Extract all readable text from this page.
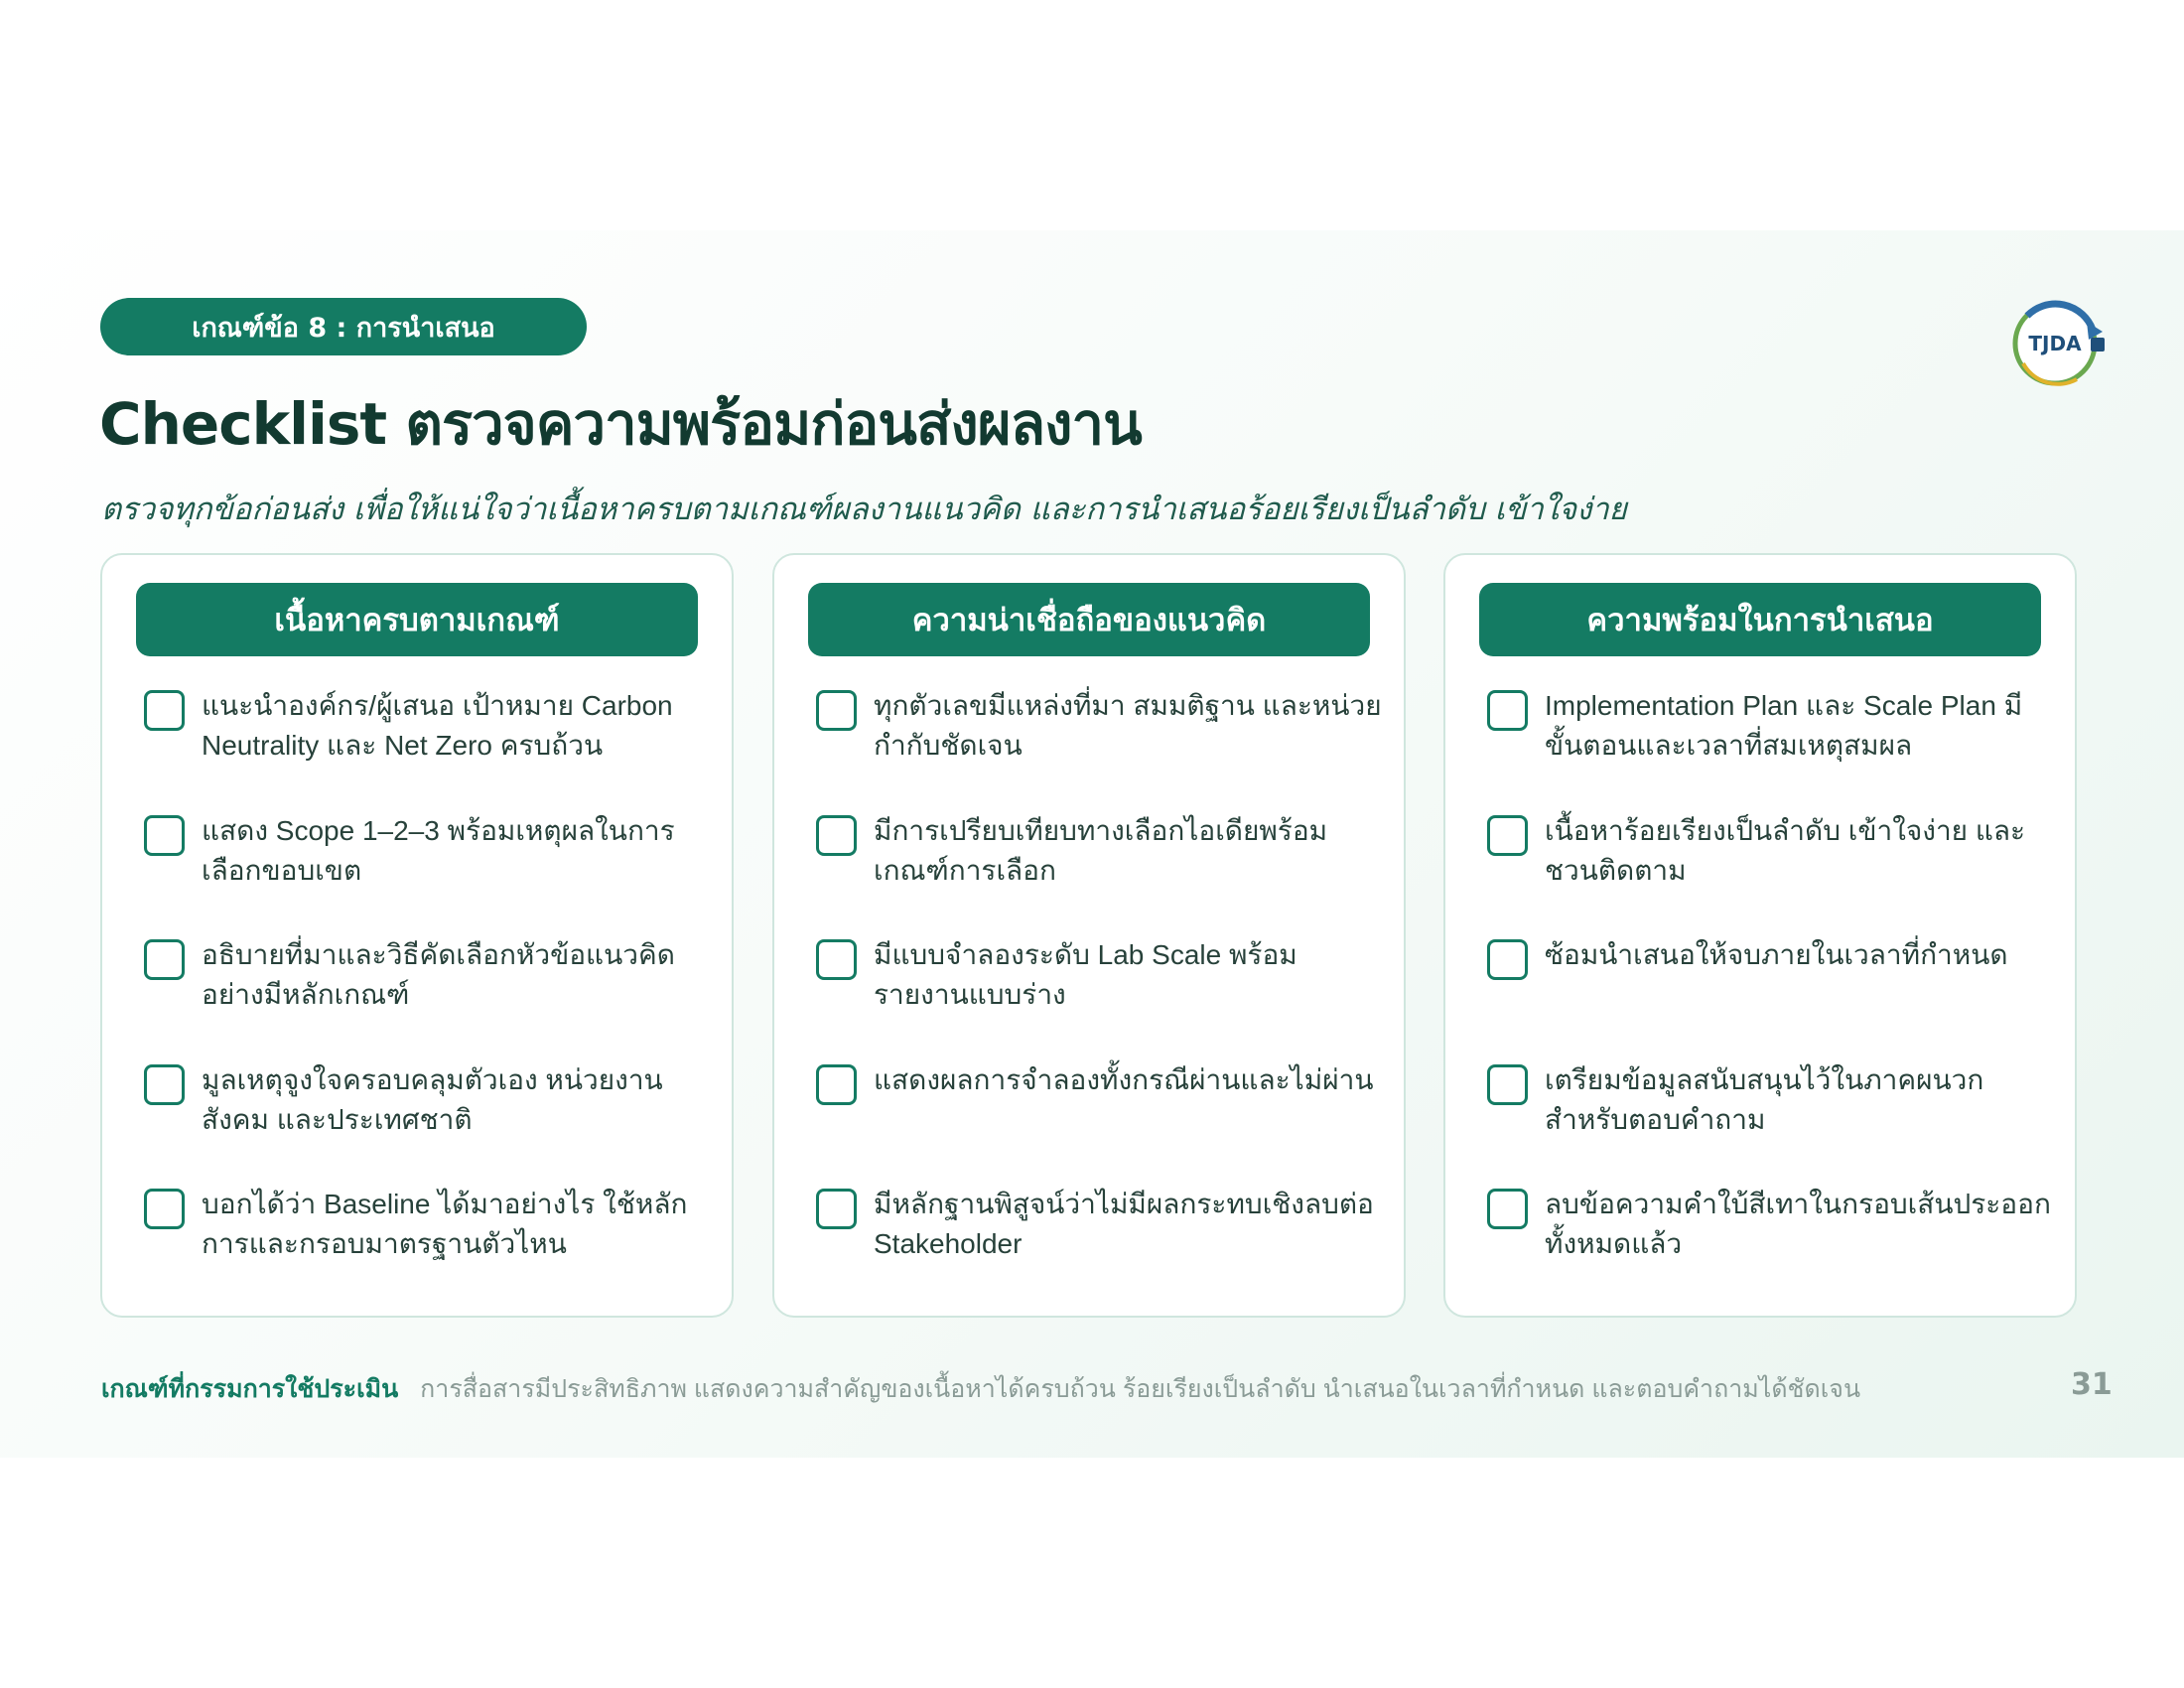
เกณฑ์ข้อ 8 : การนำเสนอ
TJDA
Checklist ตรวจความพร้อมก่อนส่งผลงาน
ตรวจทุกข้อก่อนส่ง เพื่อให้แน่ใจว่าเนื้อหาครบตามเกณฑ์ผลงานแนวคิด และการนำเสนอร้อยเรียงเป็นลำดับ เข้าใจง่าย
เนื้อหาครบตามเกณฑ์
แนะนำองค์กร/ผู้เสนอ เป้าหมาย Carbon Neutrality และ Net Zero ครบถ้วน
แสดง Scope 1–2–3 พร้อมเหตุผลในการเลือกขอบเขต
อธิบายที่มาและวิธีคัดเลือกหัวข้อแนวคิดอย่างมีหลักเกณฑ์
มูลเหตุจูงใจครอบคลุมตัวเอง หน่วยงาน สังคม และประเทศชาติ
บอกได้ว่า Baseline ได้มาอย่างไร ใช้หลักการและกรอบมาตรฐานตัวไหน
ความน่าเชื่อถือของแนวคิด
ทุกตัวเลขมีแหล่งที่มา สมมติฐาน และหน่วยกำกับชัดเจน
มีการเปรียบเทียบทางเลือกไอเดียพร้อมเกณฑ์การเลือก
มีแบบจำลองระดับ Lab Scale พร้อมรายงานแบบร่าง
แสดงผลการจำลองทั้งกรณีผ่านและไม่ผ่าน
มีหลักฐานพิสูจน์ว่าไม่มีผลกระทบเชิงลบต่อ Stakeholder
ความพร้อมในการนำเสนอ
Implementation Plan และ Scale Plan มีขั้นตอนและเวลาที่สมเหตุสมผล
เนื้อหาร้อยเรียงเป็นลำดับ เข้าใจง่าย และชวนติดตาม
ซ้อมนำเสนอให้จบภายในเวลาที่กำหนด
เตรียมข้อมูลสนับสนุนไว้ในภาคผนวกสำหรับตอบคำถาม
ลบข้อความคำใบ้สีเทาในกรอบเส้นประออกทั้งหมดแล้ว
เกณฑ์ที่กรรมการใช้ประเมิน การสื่อสารมีประสิทธิภาพ แสดงความสำคัญของเนื้อหาได้ครบถ้วน ร้อยเรียงเป็นลำดับ นำเสนอในเวลาที่กำหนด และตอบคำถามได้ชัดเจน	31
